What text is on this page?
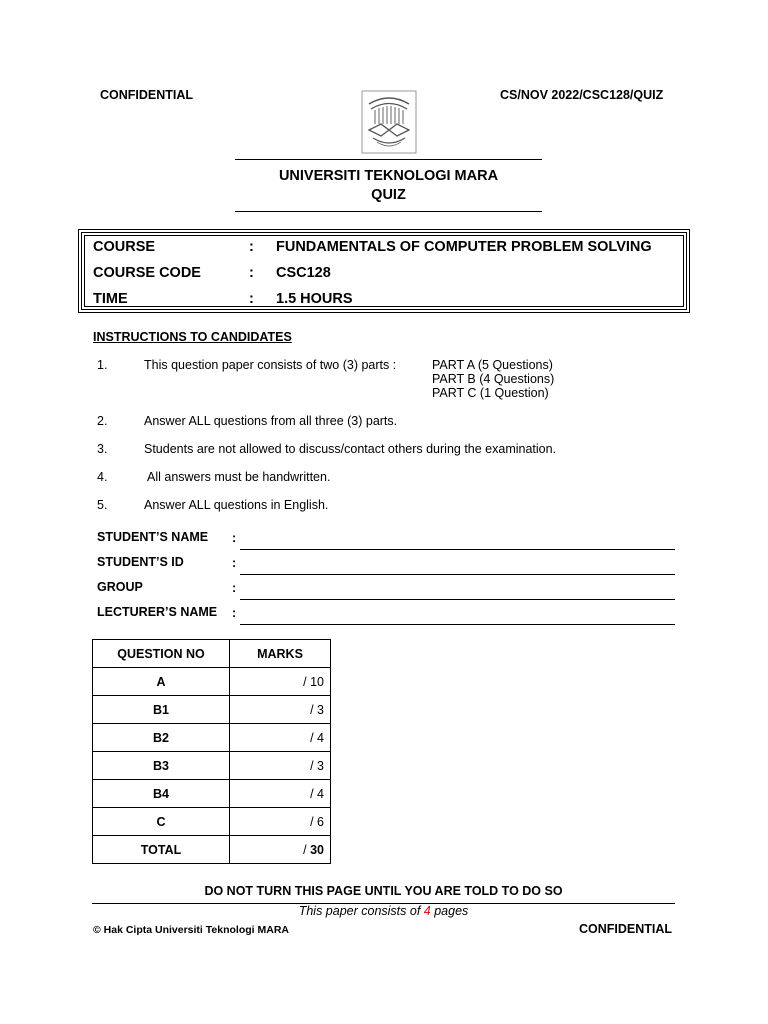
CONFIDENTIAL	CS/NOV 2022/CSC128/QUIZ
UNIVERSITI TEKNOLOGI MARA
QUIZ
COURSE	: FUNDAMENTALS OF COMPUTER PROBLEM SOLVING
COURSE CODE	: CSC128
TIME	: 1.5 HOURS
INSTRUCTIONS TO CANDIDATES
1.	This question paper consists of two (3) parts :	PART A (5 Questions)
PART B (4 Questions)
PART C (1 Question)
2.	Answer ALL questions from all three (3) parts.
3.	Students are not allowed to discuss/contact others during the examination.
4.	All answers must be handwritten.
5.	Answer ALL questions in English.
STUDENT’S NAME :
STUDENT’S ID	:
GROUP	:
LECTURER’S NAME :
QUESTION NO	MARKS
A	/ 10
B1	/ 3
B2	/ 4
B3	/ 3
B4	/ 4
C	/ 6
TOTAL	/ 30
DO NOT TURN THIS PAGE UNTIL YOU ARE TOLD TO DO SO
This paper consists of 4 pages
© Hak Cipta Universiti Teknologi MARA	CONFIDENTIAL
